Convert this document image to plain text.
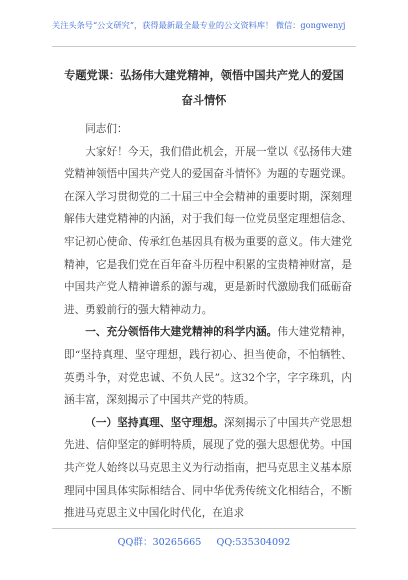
关注头条号“公文研究”，获得最新最全最专业的公文资料库！ 微信：gongwenyj
专题党课：弘扬伟大建党精神，领悟中国共产党人的爱国
奋斗情怀

同志们：

大家好！今天，我们借此机会，开展一堂以《弘扬伟大建党精神领悟中国共产党人的爱国奋斗情怀》为题的专题党课。在深入学习贯彻党的二十届三中全会精神的重要时期，深刻理解伟大建党精神的内涵，对于我们每一位党员坚定理想信念、牢记初心使命、传承红色基因具有极为重要的意义。伟大建党精神，它是我们党在百年奋斗历程中积累的宝贵精神财富，是中国共产党人精神谱系的源与魂，更是新时代激励我们砥砺奋进、勇毅前行的强大精神动力。

一、充分领悟伟大建党精神的科学内涵。伟大建党精神，即“坚持真理、坚守理想，践行初心、担当使命，不怕牺牲、英勇斗争，对党忠诚、不负人民”。这32个字，字字珠玑，内涵丰富，深刻揭示了中国共产党的特质。

（一）坚持真理、坚守理想。深刻揭示了中国共产党思想先进、信仰坚定的鲜明特质，展现了党的强大思想优势。中国共产党人始终以马克思主义为行动指南，把马克思主义基本原理同中国具体实际相结合、同中华优秀传统文化相结合，不断推进马克思主义中国化时代化，在追求

QQ群：30265665 QQ:535304092
